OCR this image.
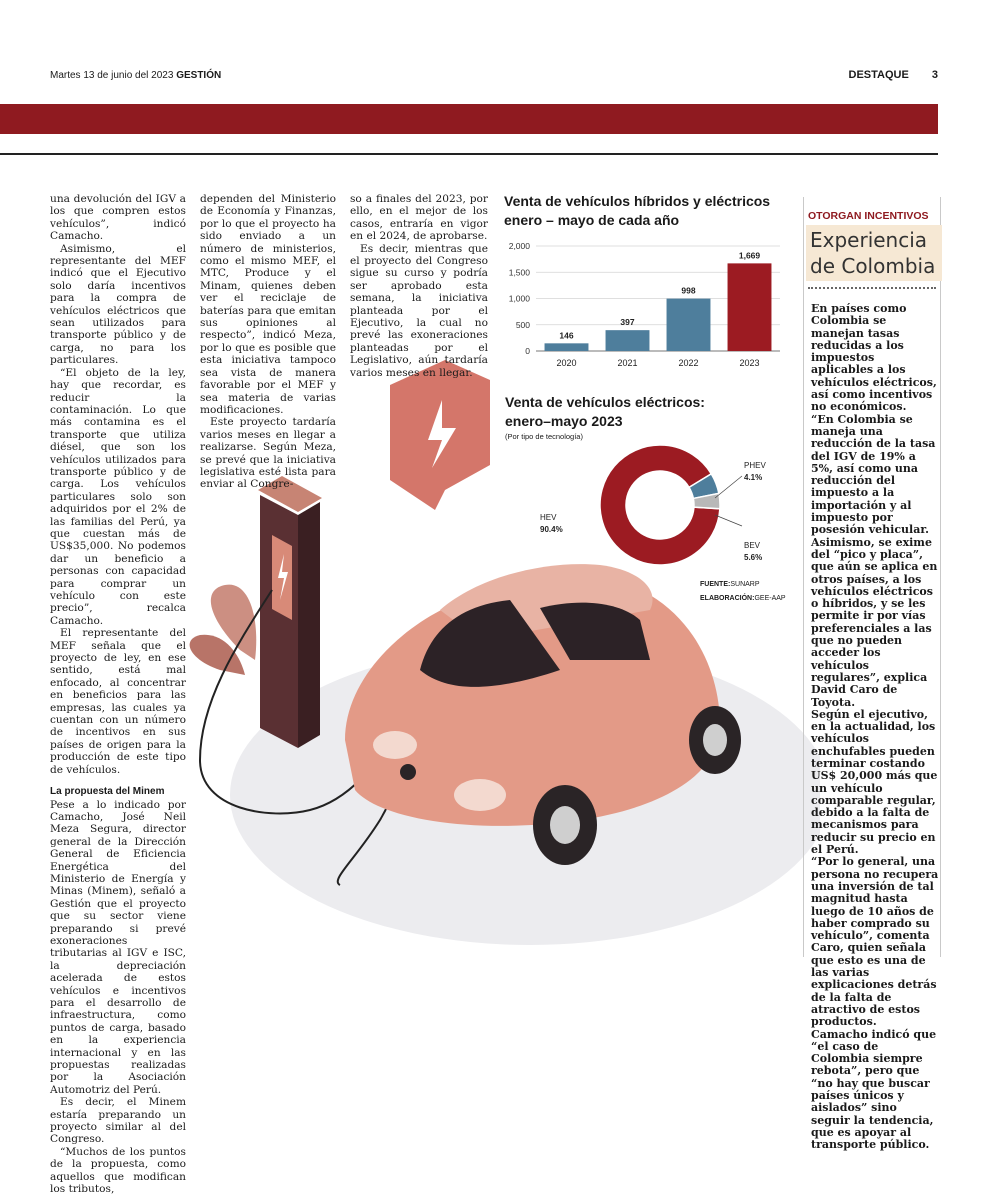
Martes 13 de junio del 2023 GESTIÓN	DESTAQUE 3

una devolución del IGV a los que compren estos vehículos”, indicó Camacho.

Asimismo, el representante del MEF indicó que el Ejecutivo solo daría incentivos para la compra de vehículos eléctricos que sean utilizados para transporte público y de carga, no para los particulares.

“El objeto de la ley, hay que recordar, es reducir la contaminación. Lo que más contamina es el transporte que utiliza diésel, que son los vehículos utilizados para transporte público y de carga. Los vehículos particulares solo son adquiridos por el 2% de las familias del Perú, ya que cuestan más de US$35,000. No podemos dar un beneficio a personas con capacidad para comprar un vehículo con este precio”, recalca Camacho.

El representante del MEF señala que el proyecto de ley, en ese sentido, está mal enfocado, al concentrar en beneficios para las empresas, las cuales ya cuentan con un número de incentivos en sus países de origen para la producción de este tipo de vehículos.

La propuesta del Minem

Pese a lo indicado por Camacho, José Neil Meza Segura, director general de la Dirección General de Eficiencia Energética del Ministerio de Energía y Minas (Minem), señaló a Gestión que el proyecto que su sector viene preparando si prevé exoneraciones tributarias al IGV e ISC, la depreciación acelerada de estos vehículos e incentivos para el desarrollo de infraestructura, como puntos de carga, basado en la experiencia internacional y en las propuestas realizadas por la Asociación Automotriz del Perú.

Es decir, el Minem estaría preparando un proyecto similar al del Congreso.

“Muchos de los puntos de la propuesta, como aquellos que modifican los tributos,

dependen del Ministerio de Economía y Finanzas, por lo que el proyecto ha sido enviado a un número de ministerios, como el mismo MEF, el MTC, Produce y el Minam, quienes deben ver el reciclaje de baterías para que emitan sus opiniones al respecto”, indicó Meza, por lo que es posible que esta iniciativa tampoco sea vista de manera favorable por el MEF y sea materia de varias modificaciones.

Este proyecto tardaría varios meses en llegar a realizarse. Según Meza, se prevé que la iniciativa legislativa esté lista para enviar al Congre-

so a finales del 2023, por ello, en el mejor de los casos, entraría en vigor en el 2024, de aprobarse.

Es decir, mientras que el proyecto del Congreso sigue su curso y podría ser aprobado esta semana, la iniciativa planteada por el Ejecutivo, la cual no prevé las exoneraciones planteadas por el Legislativo, aún tardaría varios meses en llegar.

Venta de vehículos híbridos y eléctricos enero – mayo de cada año
0
500
1,000
1,500
2,000
146
2020
397
2021
998
2022
1,669
2023
Venta de vehículos eléctricos: enero–mayo 2023
(Por tipo de tecnología)
HEV
90.4%
BEV
5.6%
PHEV
4.1%
FUENTE:SUNARP
ELABORACIÓN:GEE-AAP
OTORGAN INCENTIVOS
Experiencia de Colombia

En países como Colombia se manejan tasas reducidas a los impuestos aplicables a los vehículos eléctricos, así como incentivos no económicos.

“En Colombia se maneja una reducción de la tasa del IGV de 19% a 5%, así como una reducción del impuesto a la importación y al impuesto por posesión vehicular. Asimismo, se exime del “pico y placa”, que aún se aplica en otros países, a los vehículos eléctricos o híbridos, y se les permite ir por vías preferenciales a las que no pueden acceder los vehículos regulares”, explica David Caro de Toyota.

Según el ejecutivo, en la actualidad, los vehículos enchufables pueden terminar costando US$ 20,000 más que un vehículo comparable regular, debido a la falta de mecanismos para reducir su precio en el Perú.

“Por lo general, una persona no recupera una inversión de tal magnitud hasta luego de 10 años de haber comprado su vehículo”, comenta Caro, quien señala que esto es una de las varias explicaciones detrás de la falta de atractivo de estos productos.

Camacho indicó que “el caso de Colombia siempre rebota”, pero que “no hay que buscar países únicos y aislados” sino seguir la tendencia, que es apoyar al transporte público.
